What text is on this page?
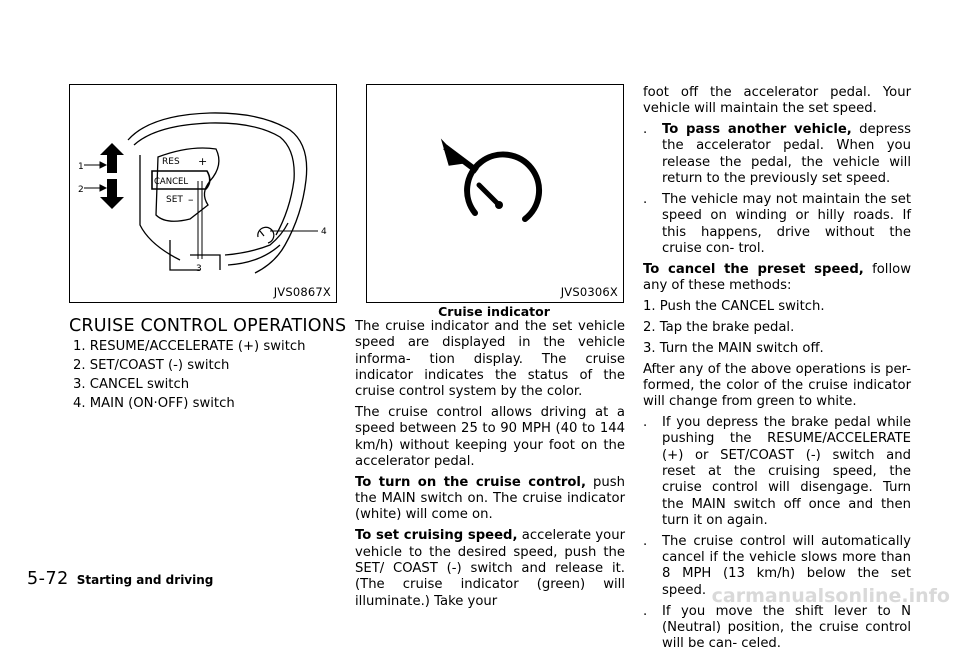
RES +
CANCEL
SET –
1
2
3
4
JVS0867X	JVS0306X
Cruise indicator
CRUISE CONTROL OPERATIONS
1. RESUME/ACCELERATE (+) switch
2. SET/COAST (-) switch
3. CANCEL switch
4. MAIN (ON·OFF) switch

The cruise indicator and the set vehicle speed are displayed in the vehicle informa- tion display. The cruise indicator indicates the status of the cruise control system by the color.

The cruise control allows driving at a speed between 25 to 90 MPH (40 to 144 km/h) without keeping your foot on the accelerator pedal.

To turn on the cruise control, push the MAIN switch on. The cruise indicator (white) will come on.

To set cruising speed, accelerate your vehicle to the desired speed, push the SET/ COAST (-) switch and release it. (The cruise indicator (green) will illuminate.) Take your

foot off the accelerator pedal. Your vehicle will maintain the set speed.

. To pass another vehicle, depress the accelerator pedal. When you release the pedal, the vehicle will return to the previously set speed.
. The vehicle may not maintain the set speed on winding or hilly roads. If this happens, drive without the cruise con- trol.

To cancel the preset speed, follow any of these methods:

1. Push the CANCEL switch.
2. Tap the brake pedal.
3. Turn the MAIN switch off.

After any of the above operations is per- formed, the color of the cruise indicator will change from green to white.

. If you depress the brake pedal while pushing the RESUME/ACCELERATE (+) or SET/COAST (-) switch and reset at the cruising speed, the cruise control will disengage. Turn the MAIN switch off once and then turn it on again.
. The cruise control will automatically cancel if the vehicle slows more than 8 MPH (13 km/h) below the set speed.
. If you move the shift lever to N (Neutral) position, the cruise control will be can- celed.
5-72 Starting and driving
carmanualsonline.info
